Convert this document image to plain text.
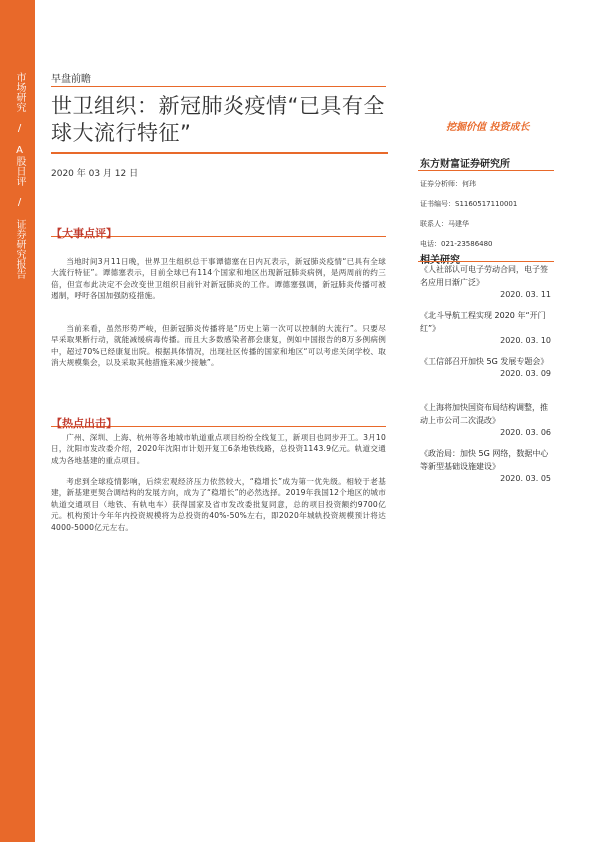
市场研究 / A股日评 / 证券研究报告	早盘前瞻
世卫组织：新冠肺炎疫情“已具有全球大流行特征”	挖掘价值 投资成长
2020 年 03 月 12 日
东方财富证券研究所
证券分析师：何玮
证书编号：S1160517110001
联系人：马建华
电话：021-23586480
相关研究
《人社部认可电子劳动合同，电子签名应用日渐广泛》
2020. 03. 11
《北斗导航工程实现 2020 年“开门红”》
2020. 03. 10
《工信部召开加快 5G 发展专题会》
2020. 03. 09
《上海将加快国资布局结构调整，推动上市公司二次混改》
2020. 03. 06
《政治局：加快 5G 网络，数据中心等新型基础设施建设》
2020. 03. 05
【大事点评】
当地时间3月11日晚，世界卫生组织总干事谭德塞在日内瓦表示，新冠肺炎疫情“已具有全球大流行特征”。谭德塞表示，目前全球已有114个国家和地区出现新冠肺炎病例，是两周前的约三倍，但宣布此决定不会改变世卫组织目前针对新冠肺炎的工作。谭德塞强调，新冠肺炎传播可被遏制，呼吁各国加强防疫措施。
当前来看，虽然形势严峻，但新冠肺炎传播将是“历史上第一次可以控制的大流行”。只要尽早采取果断行动，就能减缓病毒传播。而且大多数感染者都会康复，例如中国报告的8万多例病例中，超过70%已经康复出院。根据具体情况，出现社区传播的国家和地区“可以考虑关闭学校、取消大规模集会，以及采取其他措施来减少接触”。
【热点出击】
广州、深圳、上海、杭州等各地城市轨道重点项目纷纷全线复工，新项目也同步开工。3月10日，沈阳市发改委介绍，2020年沈阳市计划开复工6条地铁线路，总投资1143.9亿元。轨道交通成为各地基建的重点项目。
考虑到全球疫情影响，后续宏观经济压力依然较大，“稳增长”成为第一优先级。相较于老基建，新基建更契合调结构的发展方向，成为了“稳增长”的必然选择。2019年我国12个地区的城市轨道交通项目（地铁、有轨电车）获得国家及省市发改委批复同意，总的项目投资额约9700亿元。机构预计今年年内投资规模将为总投资的40%-50%左右，即2020年城轨投资规模预计将达4000-5000亿元左右。
